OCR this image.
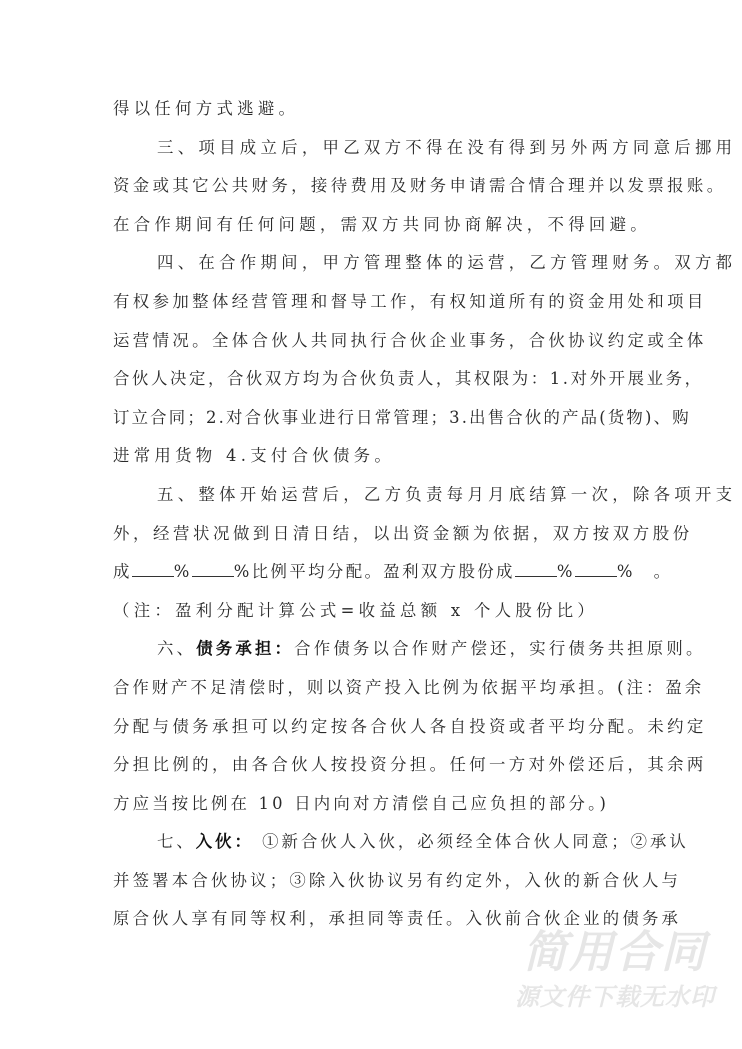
得以任何方式逃避。
三、项目成立后，甲乙双方不得在没有得到另外两方同意后挪用
资金或其它公共财务，接待费用及财务申请需合情合理并以发票报账。
在合作期间有任何问题，需双方共同协商解决，不得回避。
四、在合作期间，甲方管理整体的运营，乙方管理财务。双方都
有权参加整体经营管理和督导工作，有权知道所有的资金用处和项目
运营情况。全体合伙人共同执行合伙企业事务，合伙协议约定或全体
合伙人决定，合伙双方均为合伙负责人，其权限为：1.对外开展业务，
订立合同；2.对合伙事业进行日常管理；3.出售合伙的产品(货物)、购
进常用货物 4.支付合伙债务。
五、整体开始运营后，乙方负责每月月底结算一次，除各项开支
外，经营状况做到日清日结，以出资金额为依据，双方按双方股份
成	%	%比例平均分配。盈利双方股份成	%	%　。
（注：盈利分配计算公式=收益总额 x 个人股份比）
六、债务承担：合作债务以合作财产偿还，实行债务共担原则。
合作财产不足清偿时，则以资产投入比例为依据平均承担。(注：盈余
分配与债务承担可以约定按各合伙人各自投资或者平均分配。未约定
分担比例的，由各合伙人按投资分担。任何一方对外偿还后，其余两
方应当按比例在 10 日内向对方清偿自己应负担的部分。)
七、入伙： ①新合伙人入伙，必须经全体合伙人同意；②承认
并签署本合伙协议；③除入伙协议另有约定外，入伙的新合伙人与
原合伙人享有同等权利，承担同等责任。入伙前合伙企业的债务承
简用合同
源文件下载无水印
